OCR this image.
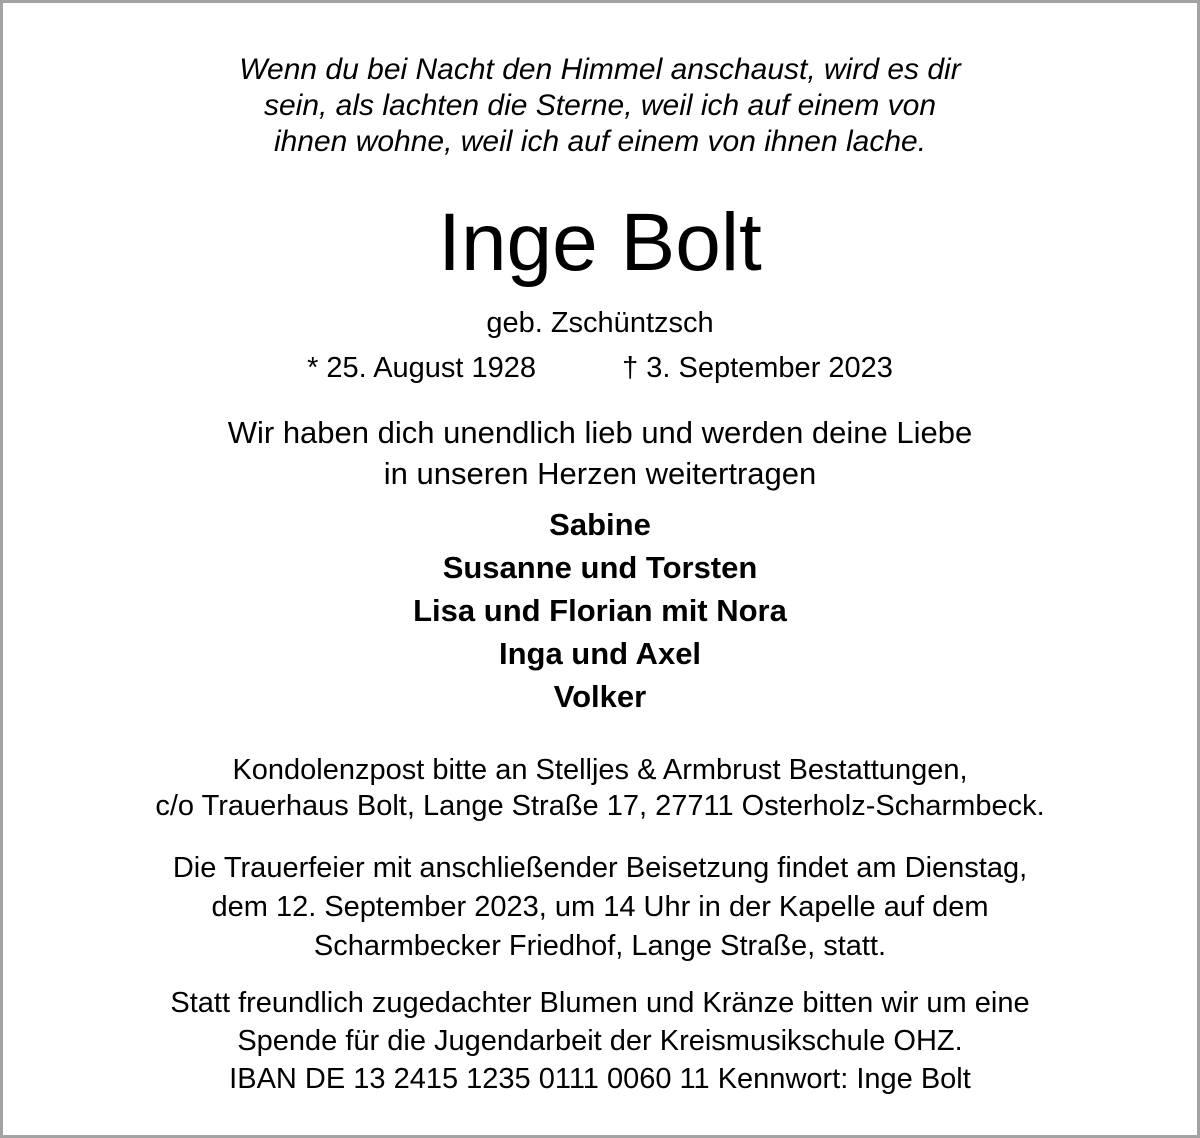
Wenn du bei Nacht den Himmel anschaust, wird es dir
sein, als lachten die Sterne, weil ich auf einem von
ihnen wohne, weil ich auf einem von ihnen lache.
Inge Bolt
geb. Zschüntzsch
* 25. August 1928	† 3. September 2023
Wir haben dich unendlich lieb und werden deine Liebe
in unseren Herzen weitertragen
Sabine
Susanne und Torsten
Lisa und Florian mit Nora
Inga und Axel
Volker
Kondolenzpost bitte an Stelljes & Armbrust Bestattungen,
c/o Trauerhaus Bolt, Lange Straße 17, 27711 Osterholz-Scharmbeck.
Die Trauerfeier mit anschließender Beisetzung findet am Dienstag,
dem 12. September 2023, um 14 Uhr in der Kapelle auf dem
Scharmbecker Friedhof, Lange Straße, statt.
Statt freundlich zugedachter Blumen und Kränze bitten wir um eine
Spende für die Jugendarbeit der Kreismusikschule OHZ.
IBAN DE 13 2415 1235 0111 0060 11 Kennwort: Inge Bolt
